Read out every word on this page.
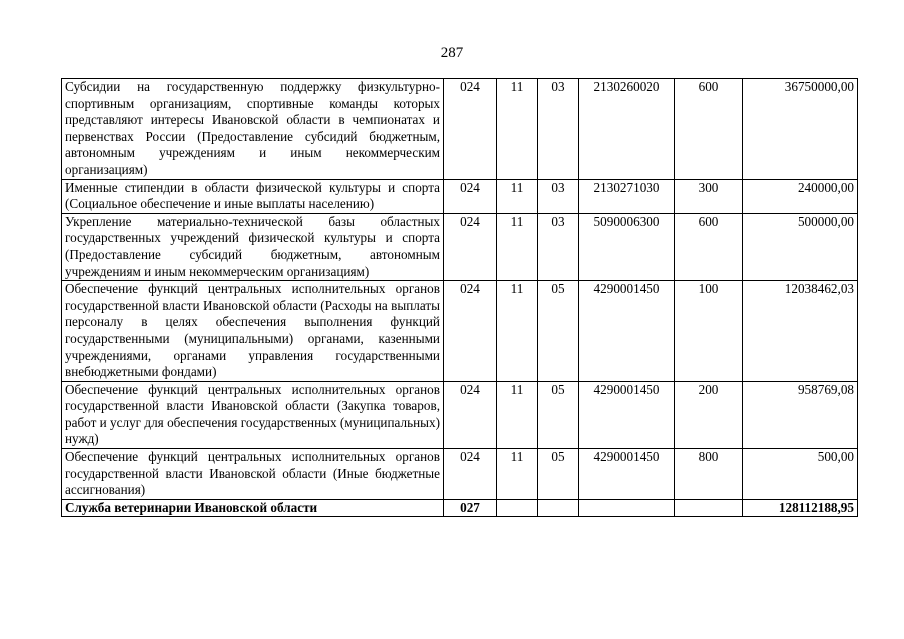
287
Субсидии на государственную поддержку физкультурно-спортивным организациям, спортивные команды которых представляют интересы Ивановской области в чемпионатах и первенствах России (Предоставление субсидий бюджетным, автономным учреждениям и иным некоммерческим организациям)	024	11	03	2130260020	600	36750000,00
Именные стипендии в области физической культуры и спорта (Социальное обеспечение и иные выплаты населению)	024	11	03	2130271030	300	240000,00
Укрепление материально-технической базы областных государственных учреждений физической культуры и спорта (Предоставление субсидий бюджетным, автономным учреждениям и иным некоммерческим организациям)	024	11	03	5090006300	600	500000,00
Обеспечение функций центральных исполнительных органов государственной власти Ивановской области (Расходы на выплаты персоналу в целях обеспечения выполнения функций государственными (муниципальными) органами, казенными учреждениями, органами управления государственными внебюджетными фондами)	024	11	05	4290001450	100	12038462,03
Обеспечение функций центральных исполнительных органов государственной власти Ивановской области (Закупка товаров, работ и услуг для обеспечения государственных (муниципальных) нужд)	024	11	05	4290001450	200	958769,08
Обеспечение функций центральных исполнительных органов государственной власти Ивановской области (Иные бюджетные ассигнования)	024	11	05	4290001450	800	500,00
Служба ветеринарии Ивановской области	027					128112188,95
